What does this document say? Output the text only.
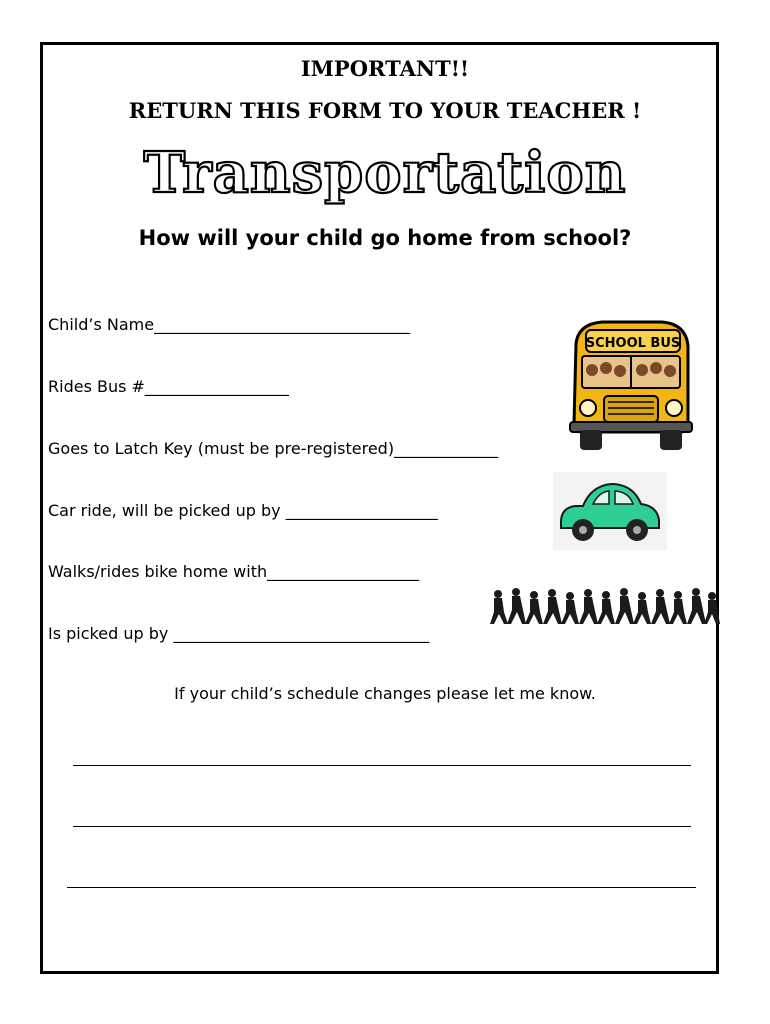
IMPORTANT!!
RETURN THIS FORM TO YOUR TEACHER !
Transportation
How will your child go home from school?
Child’s Name________________________________
Rides Bus #__________________
Goes to Latch Key (must be pre-registered)_____________
Car ride, will be picked up by ___________________
Walks/rides bike home with___________________
Is picked up by ________________________________
SCHOOL BUS
If your child’s schedule changes please let me know.
